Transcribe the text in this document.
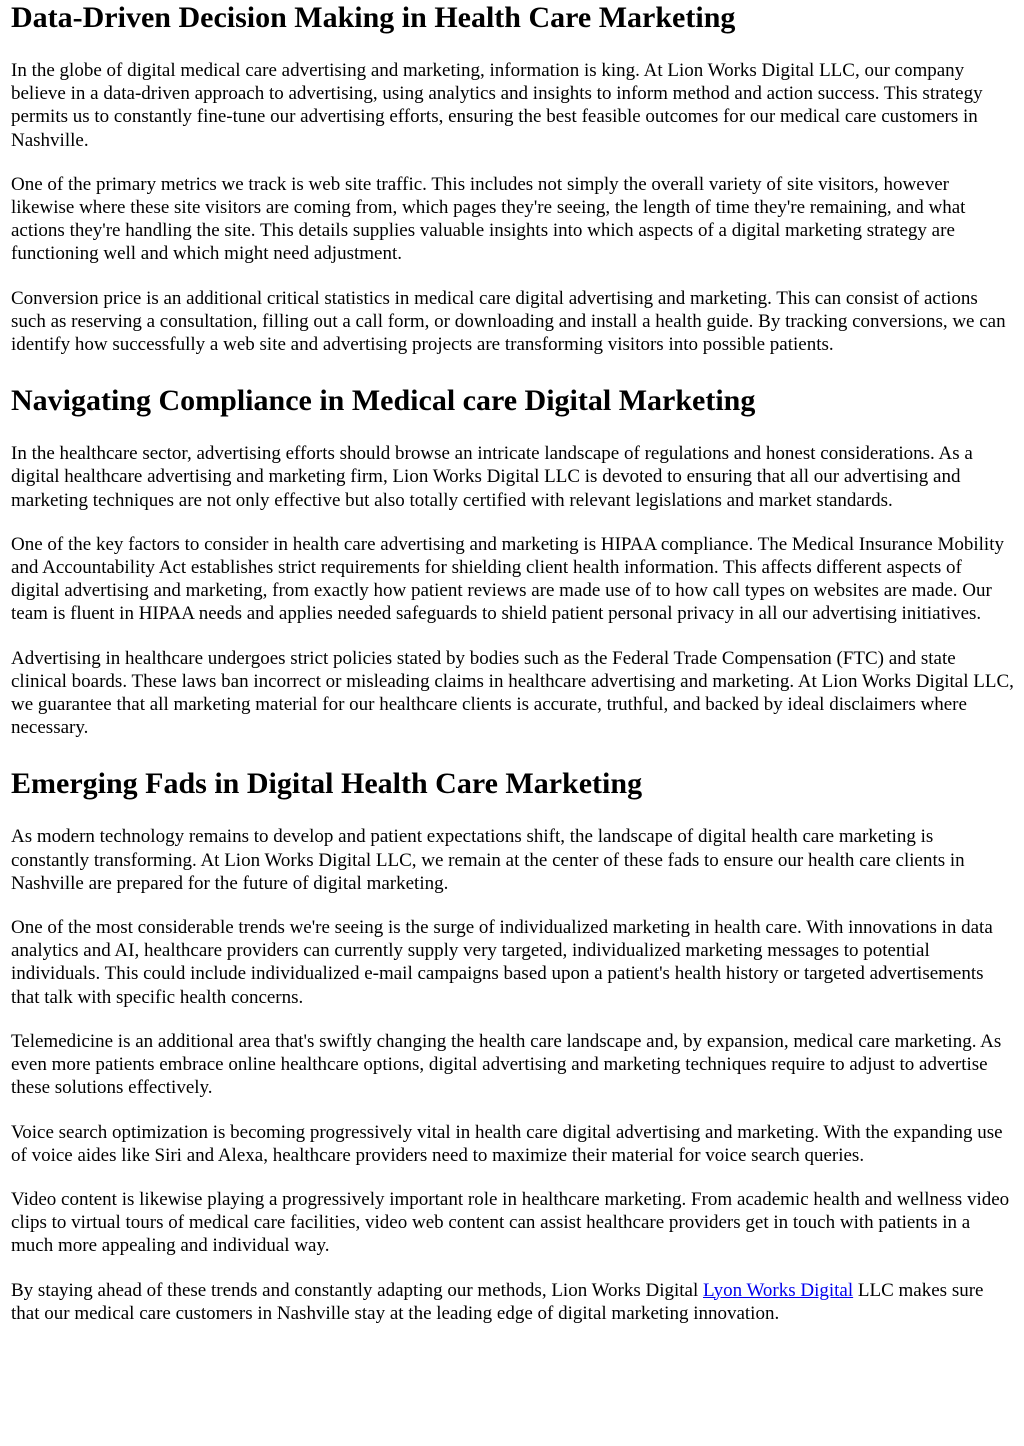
Data-Driven Decision Making in Health Care Marketing

In the globe of digital medical care advertising and marketing, information is king. At Lion Works Digital LLC, our company believe in a data-driven approach to advertising, using analytics and insights to inform method and action success. This strategy permits us to constantly fine-tune our advertising efforts, ensuring the best feasible outcomes for our medical care customers in Nashville.

One of the primary metrics we track is web site traffic. This includes not simply the overall variety of site visitors, however likewise where these site visitors are coming from, which pages they're seeing, the length of time they're remaining, and what actions they're handling the site. This details supplies valuable insights into which aspects of a digital marketing strategy are functioning well and which might need adjustment.

Conversion price is an additional critical statistics in medical care digital advertising and marketing. This can consist of actions such as reserving a consultation, filling out a call form, or downloading and install a health guide. By tracking conversions, we can identify how successfully a web site and advertising projects are transforming visitors into possible patients.

Navigating Compliance in Medical care Digital Marketing

In the healthcare sector, advertising efforts should browse an intricate landscape of regulations and honest considerations. As a digital healthcare advertising and marketing firm, Lion Works Digital LLC is devoted to ensuring that all our advertising and marketing techniques are not only effective but also totally certified with relevant legislations and market standards.

One of the key factors to consider in health care advertising and marketing is HIPAA compliance. The Medical Insurance Mobility and Accountability Act establishes strict requirements for shielding client health information. This affects different aspects of digital advertising and marketing, from exactly how patient reviews are made use of to how call types on websites are made. Our team is fluent in HIPAA needs and applies needed safeguards to shield patient personal privacy in all our advertising initiatives.

Advertising in healthcare undergoes strict policies stated by bodies such as the Federal Trade Compensation (FTC) and state clinical boards. These laws ban incorrect or misleading claims in healthcare advertising and marketing. At Lion Works Digital LLC, we guarantee that all marketing material for our healthcare clients is accurate, truthful, and backed by ideal disclaimers where necessary.

Emerging Fads in Digital Health Care Marketing

As modern technology remains to develop and patient expectations shift, the landscape of digital health care marketing is constantly transforming. At Lion Works Digital LLC, we remain at the center of these fads to ensure our health care clients in Nashville are prepared for the future of digital marketing.

One of the most considerable trends we're seeing is the surge of individualized marketing in health care. With innovations in data analytics and AI, healthcare providers can currently supply very targeted, individualized marketing messages to potential individuals. This could include individualized e-mail campaigns based upon a patient's health history or targeted advertisements that talk with specific health concerns.

Telemedicine is an additional area that's swiftly changing the health care landscape and, by expansion, medical care marketing. As even more patients embrace online healthcare options, digital advertising and marketing techniques require to adjust to advertise these solutions effectively.

Voice search optimization is becoming progressively vital in health care digital advertising and marketing. With the expanding use of voice aides like Siri and Alexa, healthcare providers need to maximize their material for voice search queries.

Video content is likewise playing a progressively important role in healthcare marketing. From academic health and wellness video clips to virtual tours of medical care facilities, video web content can assist healthcare providers get in touch with patients in a much more appealing and individual way.

By staying ahead of these trends and constantly adapting our methods, Lion Works Digital Lyon Works Digital LLC makes sure that our medical care customers in Nashville stay at the leading edge of digital marketing innovation.
